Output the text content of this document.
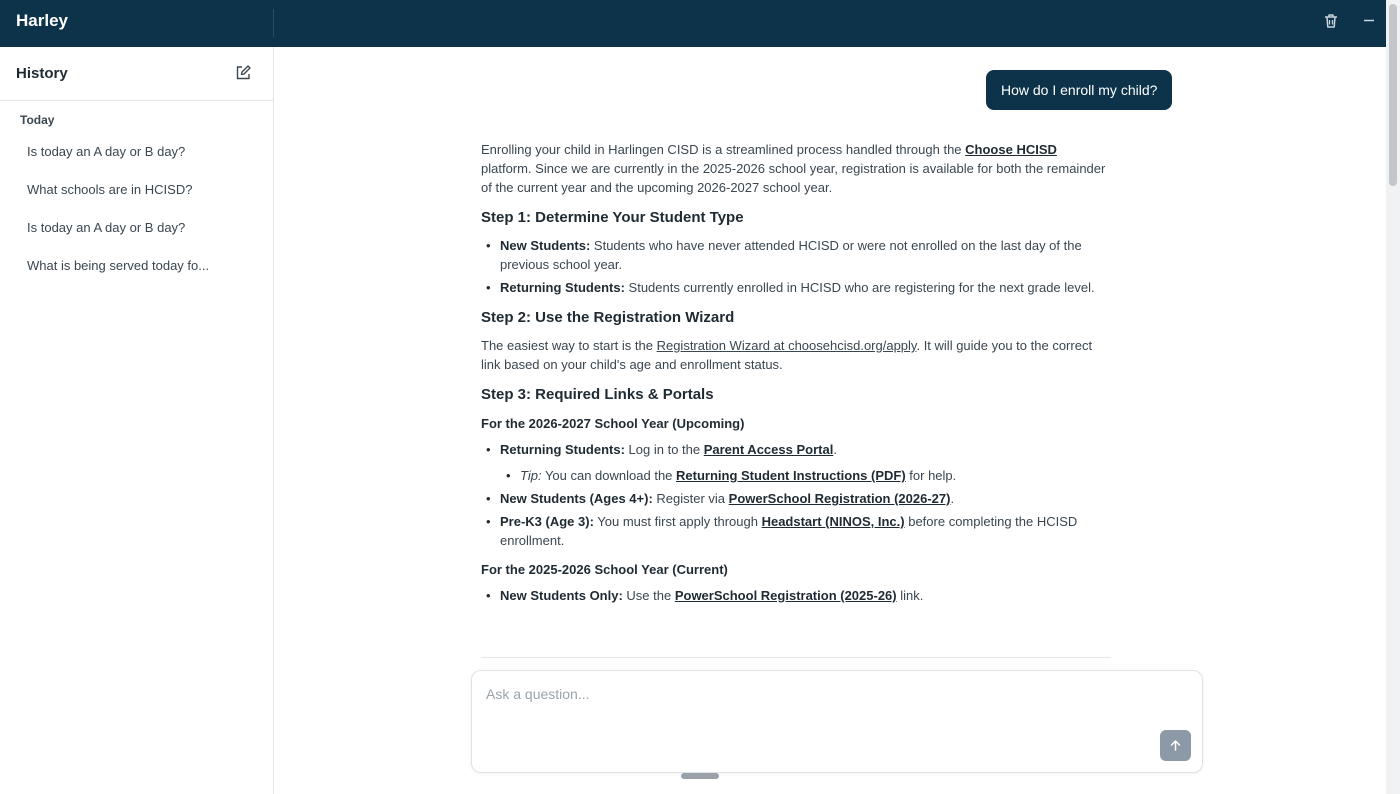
Harley
History
Today
Is today an A day or B day?
What schools are in HCISD?
Is today an A day or B day?
What is being served today fo...
How do I enroll my child?

Enrolling your child in Harlingen CISD is a streamlined process handled through the Choose HCISD platform. Since we are currently in the 2025-2026 school year, registration is available for both the remainder of the current year and the upcoming 2026-2027 school year.

Step 1: Determine Your Student Type
• New Students: Students who have never attended HCISD or were not enrolled on the last day of the previous school year.
• Returning Students: Students currently enrolled in HCISD who are registering for the next grade level.
Step 2: Use the Registration Wizard

The easiest way to start is the Registration Wizard at choosehcisd.org/apply. It will guide you to the correct link based on your child's age and enrollment status.

Step 3: Required Links & Portals
For the 2026-2027 School Year (Upcoming)
• Returning Students: Log in to the Parent Access Portal.
• Tip: You can download the Returning Student Instructions (PDF) for help.
• New Students (Ages 4+): Register via PowerSchool Registration (2026-27).
• Pre-K3 (Age 3): You must first apply through Headstart (NINOS, Inc.) before completing the HCISD enrollment.
For the 2025-2026 School Year (Current)
• New Students Only: Use the PowerSchool Registration (2025-26) link.
Ask a question...
